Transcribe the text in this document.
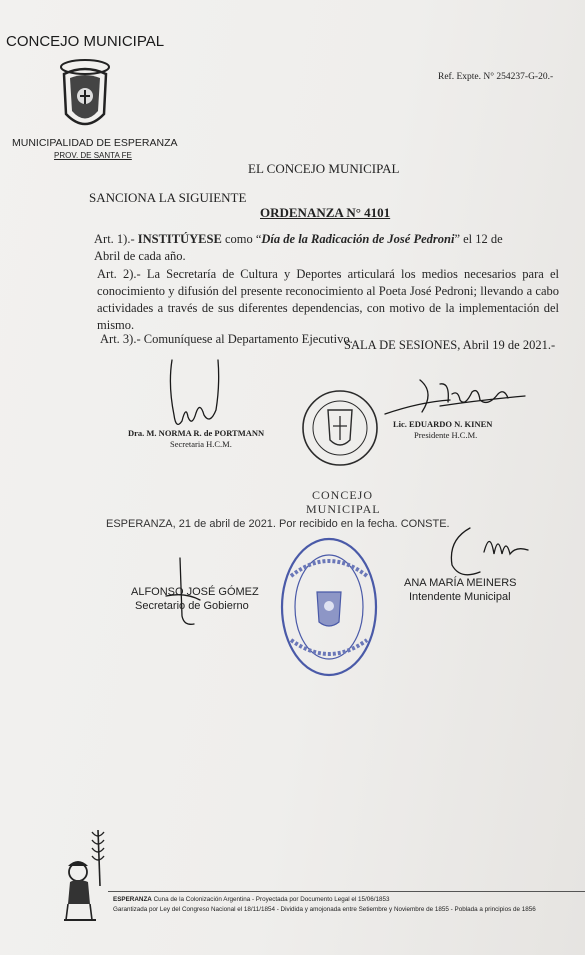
CONCEJO MUNICIPAL
MUNICIPALIDAD DE ESPERANZA
PROV. DE SANTA FE
Ref. Expte. N° 254237-G-20.-
EL CONCEJO MUNICIPAL
SANCIONA LA SIGUIENTE
ORDENANZA N° 4101
Art. 1).- INSTITÚYESE como “Día de la Radicación de José Pedroni” el 12 de Abril de cada año.
Art. 2).- La Secretaría de Cultura y Deportes articulará los medios necesarios para el conocimiento y difusión del presente reconocimiento al Poeta José Pedroni; llevando a cabo actividades a través de sus diferentes dependencias, con motivo de la implementación del mismo.
Art. 3).- Comuníquese al Departamento Ejecutivo.
SALA DE SESIONES, Abril 19 de 2021.-
Dra. M. NORMA R. de PORTMANN
Secretaria H.C.M.
Lic. EDUARDO N. KINEN
Presidente H.C.M.
CONCEJO
MUNICIPAL
ESPERANZA, 21 de abril de 2021. Por recibido en la fecha. CONSTE.
ANA MARÍA MEINERS
Intendente Municipal
ALFONSO JOSÉ GÓMEZ
Secretario de Gobierno
ESPERANZA Cuna de la Colonización Argentina - Proyectada por Documento Legal el 15/06/1853
Garantizada por Ley del Congreso Nacional el 18/11/1854 - Dividida y amojonada entre Setiembre y Noviembre de 1855 - Poblada a principios de 1856
